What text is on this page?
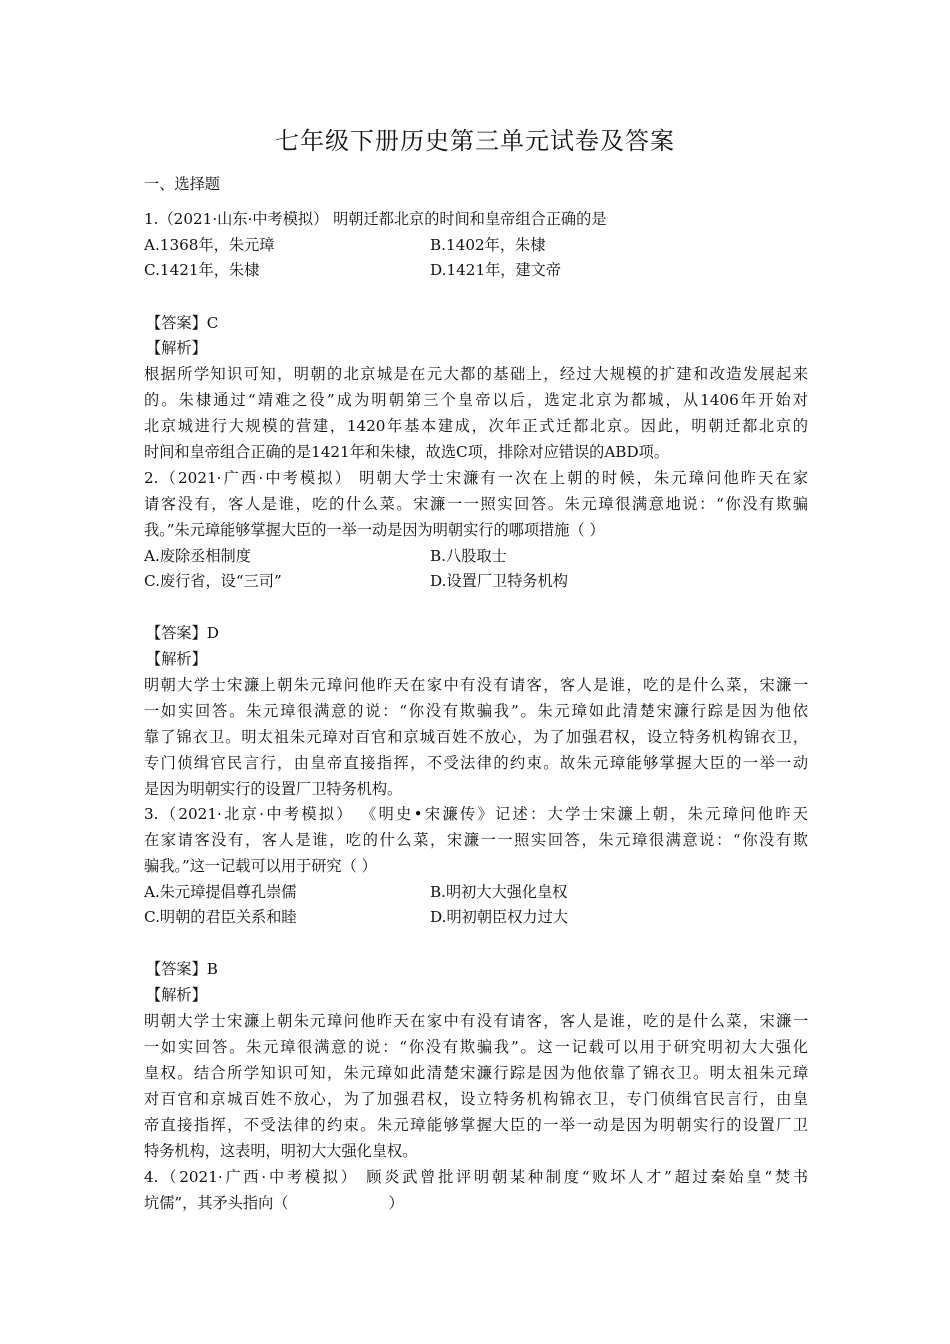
七年级下册历史第三单元试卷及答案
一、选择题
1.（2021·山东·中考模拟） 明朝迁都北京的时间和皇帝组合正确的是
A.1368年，朱元璋	B.1402年，朱棣
C.1421年，朱棣	D.1421年，建文帝
【答案】C
【解析】
根据所学知识可知，明朝的北京城是在元大都的基础上，经过大规模的扩建和改造发展起来
的。朱棣通过“靖难之役”成为明朝第三个皇帝以后，选定北京为都城，从1406年开始对
北京城进行大规模的营建，1420年基本建成，次年正式迁都北京。因此，明朝迁都北京的
时间和皇帝组合正确的是1421年和朱棣，故选C项，排除对应错误的ABD项。
2.（2021·广西·中考模拟） 明朝大学士宋濂有一次在上朝的时候，朱元璋问他昨天在家
请客没有，客人是谁，吃的什么菜。宋濂一一照实回答。朱元璋很满意地说：“你没有欺骗
我。”朱元璋能够掌握大臣的一举一动是因为明朝实行的哪项措施（ ）
A.废除丞相制度	B.八股取士
C.废行省，设“三司”	D.设置厂卫特务机构
【答案】D
【解析】
明朝大学士宋濂上朝朱元璋问他昨天在家中有没有请客，客人是谁，吃的是什么菜，宋濂一
一如实回答。朱元璋很满意的说：“你没有欺骗我”。朱元璋如此清楚宋濂行踪是因为他依
靠了锦衣卫。明太祖朱元璋对百官和京城百姓不放心，为了加强君权，设立特务机构锦衣卫，
专门侦缉官民言行，由皇帝直接指挥，不受法律的约束。故朱元璋能够掌握大臣的一举一动
是因为明朝实行的设置厂卫特务机构。
3.（2021·北京·中考模拟） 《明史•宋濂传》记述：大学士宋濂上朝，朱元璋问他昨天
在家请客没有，客人是谁，吃的什么菜，宋濂一一照实回答，朱元璋很满意说：“你没有欺
骗我。”这一记载可以用于研究（ ）
A.朱元璋提倡尊孔崇儒	B.明初大大强化皇权
C.明朝的君臣关系和睦	D.明初朝臣权力过大
【答案】B
【解析】
明朝大学士宋濂上朝朱元璋问他昨天在家中有没有请客，客人是谁，吃的是什么菜，宋濂一
一如实回答。朱元璋很满意的说：“你没有欺骗我”。这一记载可以用于研究明初大大强化
皇权。结合所学知识可知，朱元璋如此清楚宋濂行踪是因为他依靠了锦衣卫。明太祖朱元璋
对百官和京城百姓不放心，为了加强君权，设立特务机构锦衣卫，专门侦缉官民言行，由皇
帝直接指挥，不受法律的约束。朱元璋能够掌握大臣的一举一动是因为明朝实行的设置厂卫
特务机构，这表明，明初大大强化皇权。
4.（2021·广西·中考模拟） 顾炎武曾批评明朝某种制度“败坏人才”超过秦始皇“焚书
坑儒”，其矛头指向（	）
